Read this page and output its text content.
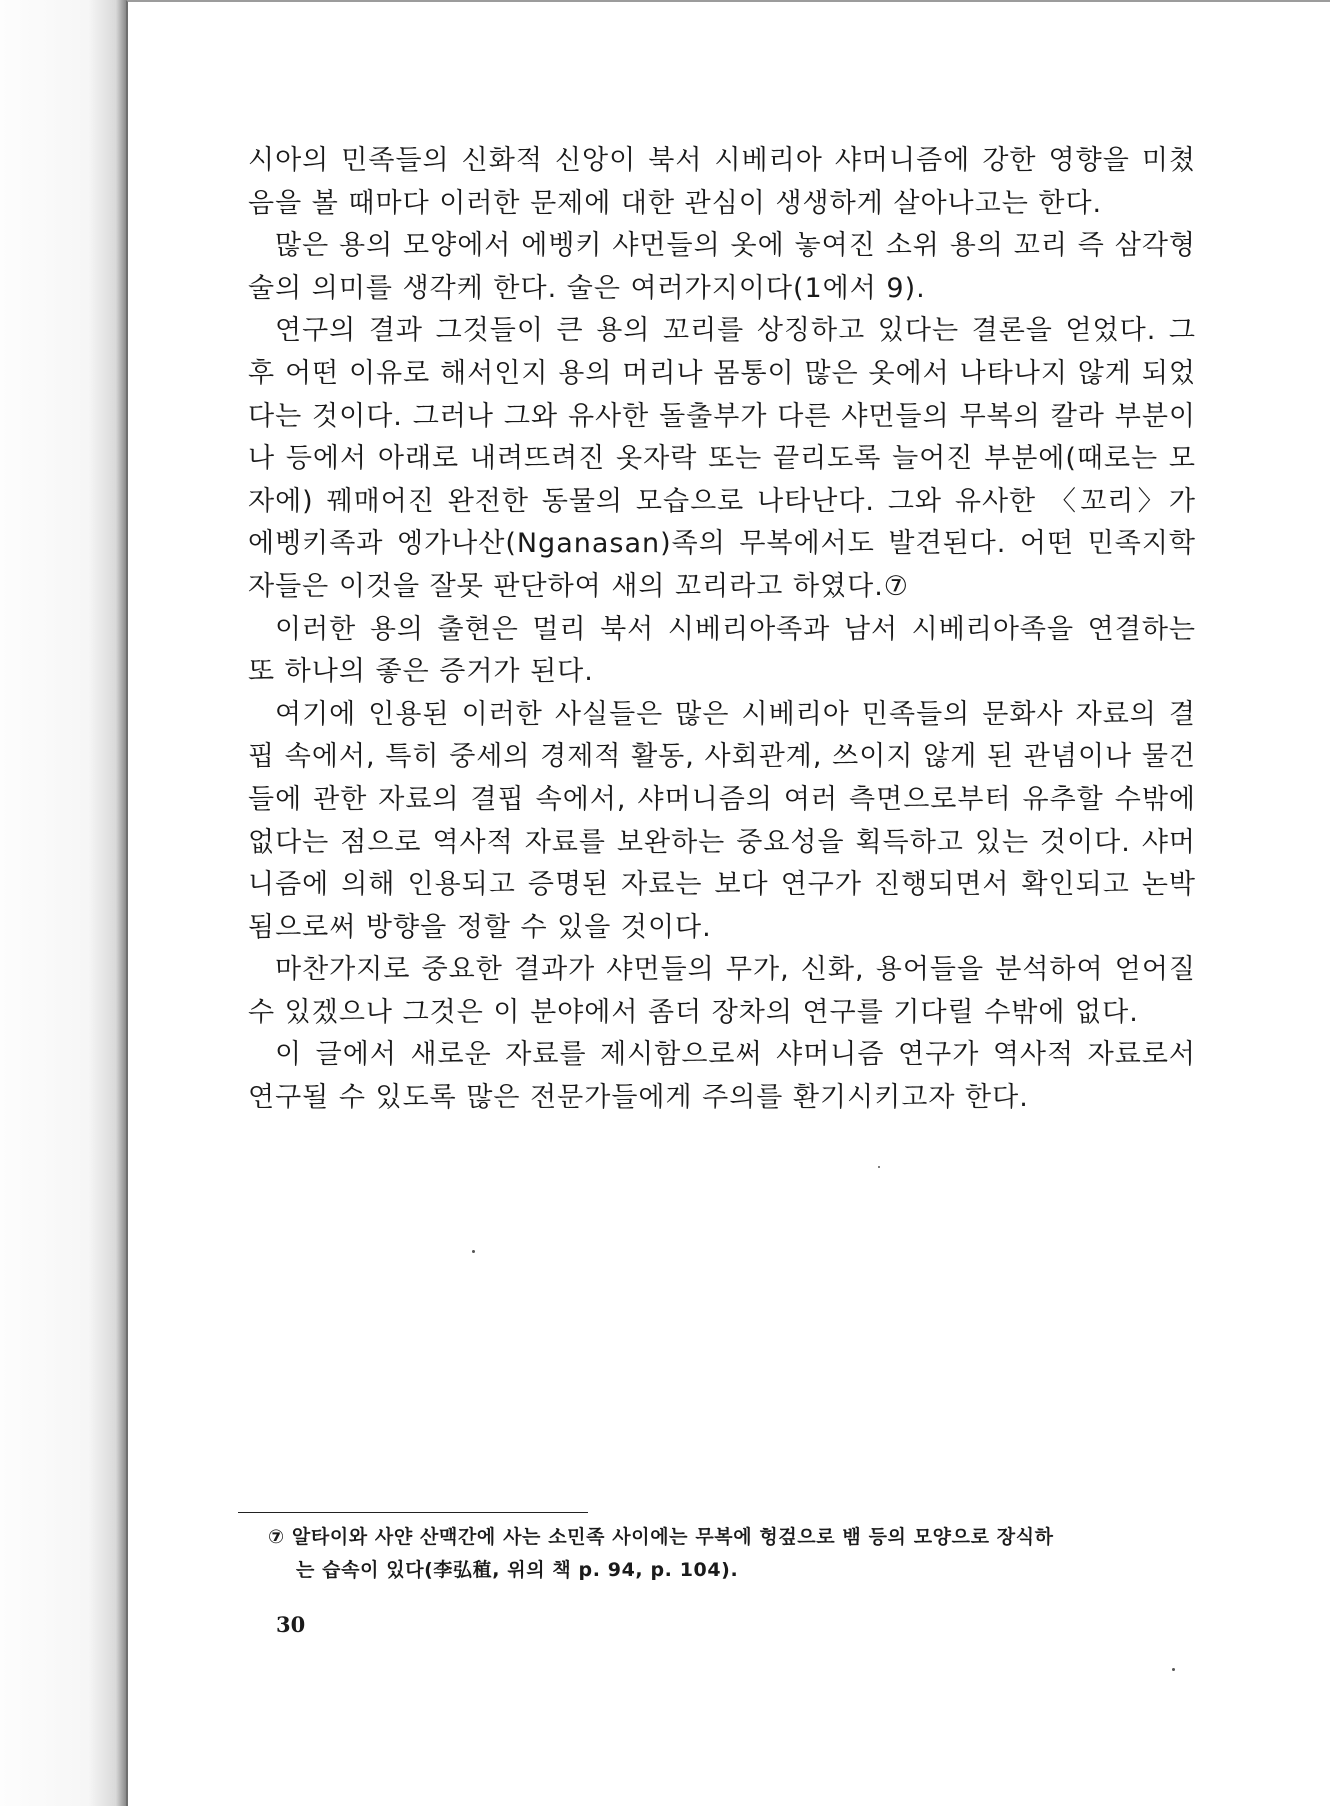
시아의 민족들의 신화적 신앙이 북서 시베리아 샤머니즘에 강한 영향을 미쳤음을 볼 때마다 이러한 문제에 대한 관심이 생생하게 살아나고는 한다.

많은 용의 모양에서 에벵키 샤먼들의 옷에 놓여진 소위 용의 꼬리 즉 삼각형 술의 의미를 생각케 한다. 술은 여러가지이다(1에서 9).

연구의 결과 그것들이 큰 용의 꼬리를 상징하고 있다는 결론을 얻었다. 그 후 어떤 이유로 해서인지 용의 머리나 몸통이 많은 옷에서 나타나지 않게 되었다는 것이다. 그러나 그와 유사한 돌출부가 다른 샤먼들의 무복의 칼라 부분이나 등에서 아래로 내려뜨려진 옷자락 또는 끝리도록 늘어진 부분에(때로는 모자에) 꿰매어진 완전한 동물의 모습으로 나타난다. 그와 유사한 〈꼬리〉가 에벵키족과 엥가나산(Nganasan)족의 무복에서도 발견된다. 어떤 민족지학자들은 이것을 잘못 판단하여 새의 꼬리라고 하였다.⑦

이러한 용의 출현은 멀리 북서 시베리아족과 남서 시베리아족을 연결하는 또 하나의 좋은 증거가 된다.

여기에 인용된 이러한 사실들은 많은 시베리아 민족들의 문화사 자료의 결핍 속에서, 특히 중세의 경제적 활동, 사회관계, 쓰이지 않게 된 관념이나 물건들에 관한 자료의 결핍 속에서, 샤머니즘의 여러 측면으로부터 유추할 수밖에 없다는 점으로 역사적 자료를 보완하는 중요성을 획득하고 있는 것이다. 샤머니즘에 의해 인용되고 증명된 자료는 보다 연구가 진행되면서 확인되고 논박됨으로써 방향을 정할 수 있을 것이다.

마찬가지로 중요한 결과가 샤먼들의 무가, 신화, 용어들을 분석하여 얻어질 수 있겠으나 그것은 이 분야에서 좀더 장차의 연구를 기다릴 수밖에 없다.

이 글에서 새로운 자료를 제시함으로써 샤머니즘 연구가 역사적 자료로서 연구될 수 있도록 많은 전문가들에게 주의를 환기시키고자 한다.

⑦ 알타이와 사얀 산맥간에 사는 소민족 사이에는 무복에 헝겊으로 뱀 등의 모양으로 장식하
는 습속이 있다(李弘稙, 위의 책 p. 94, p. 104).
30
